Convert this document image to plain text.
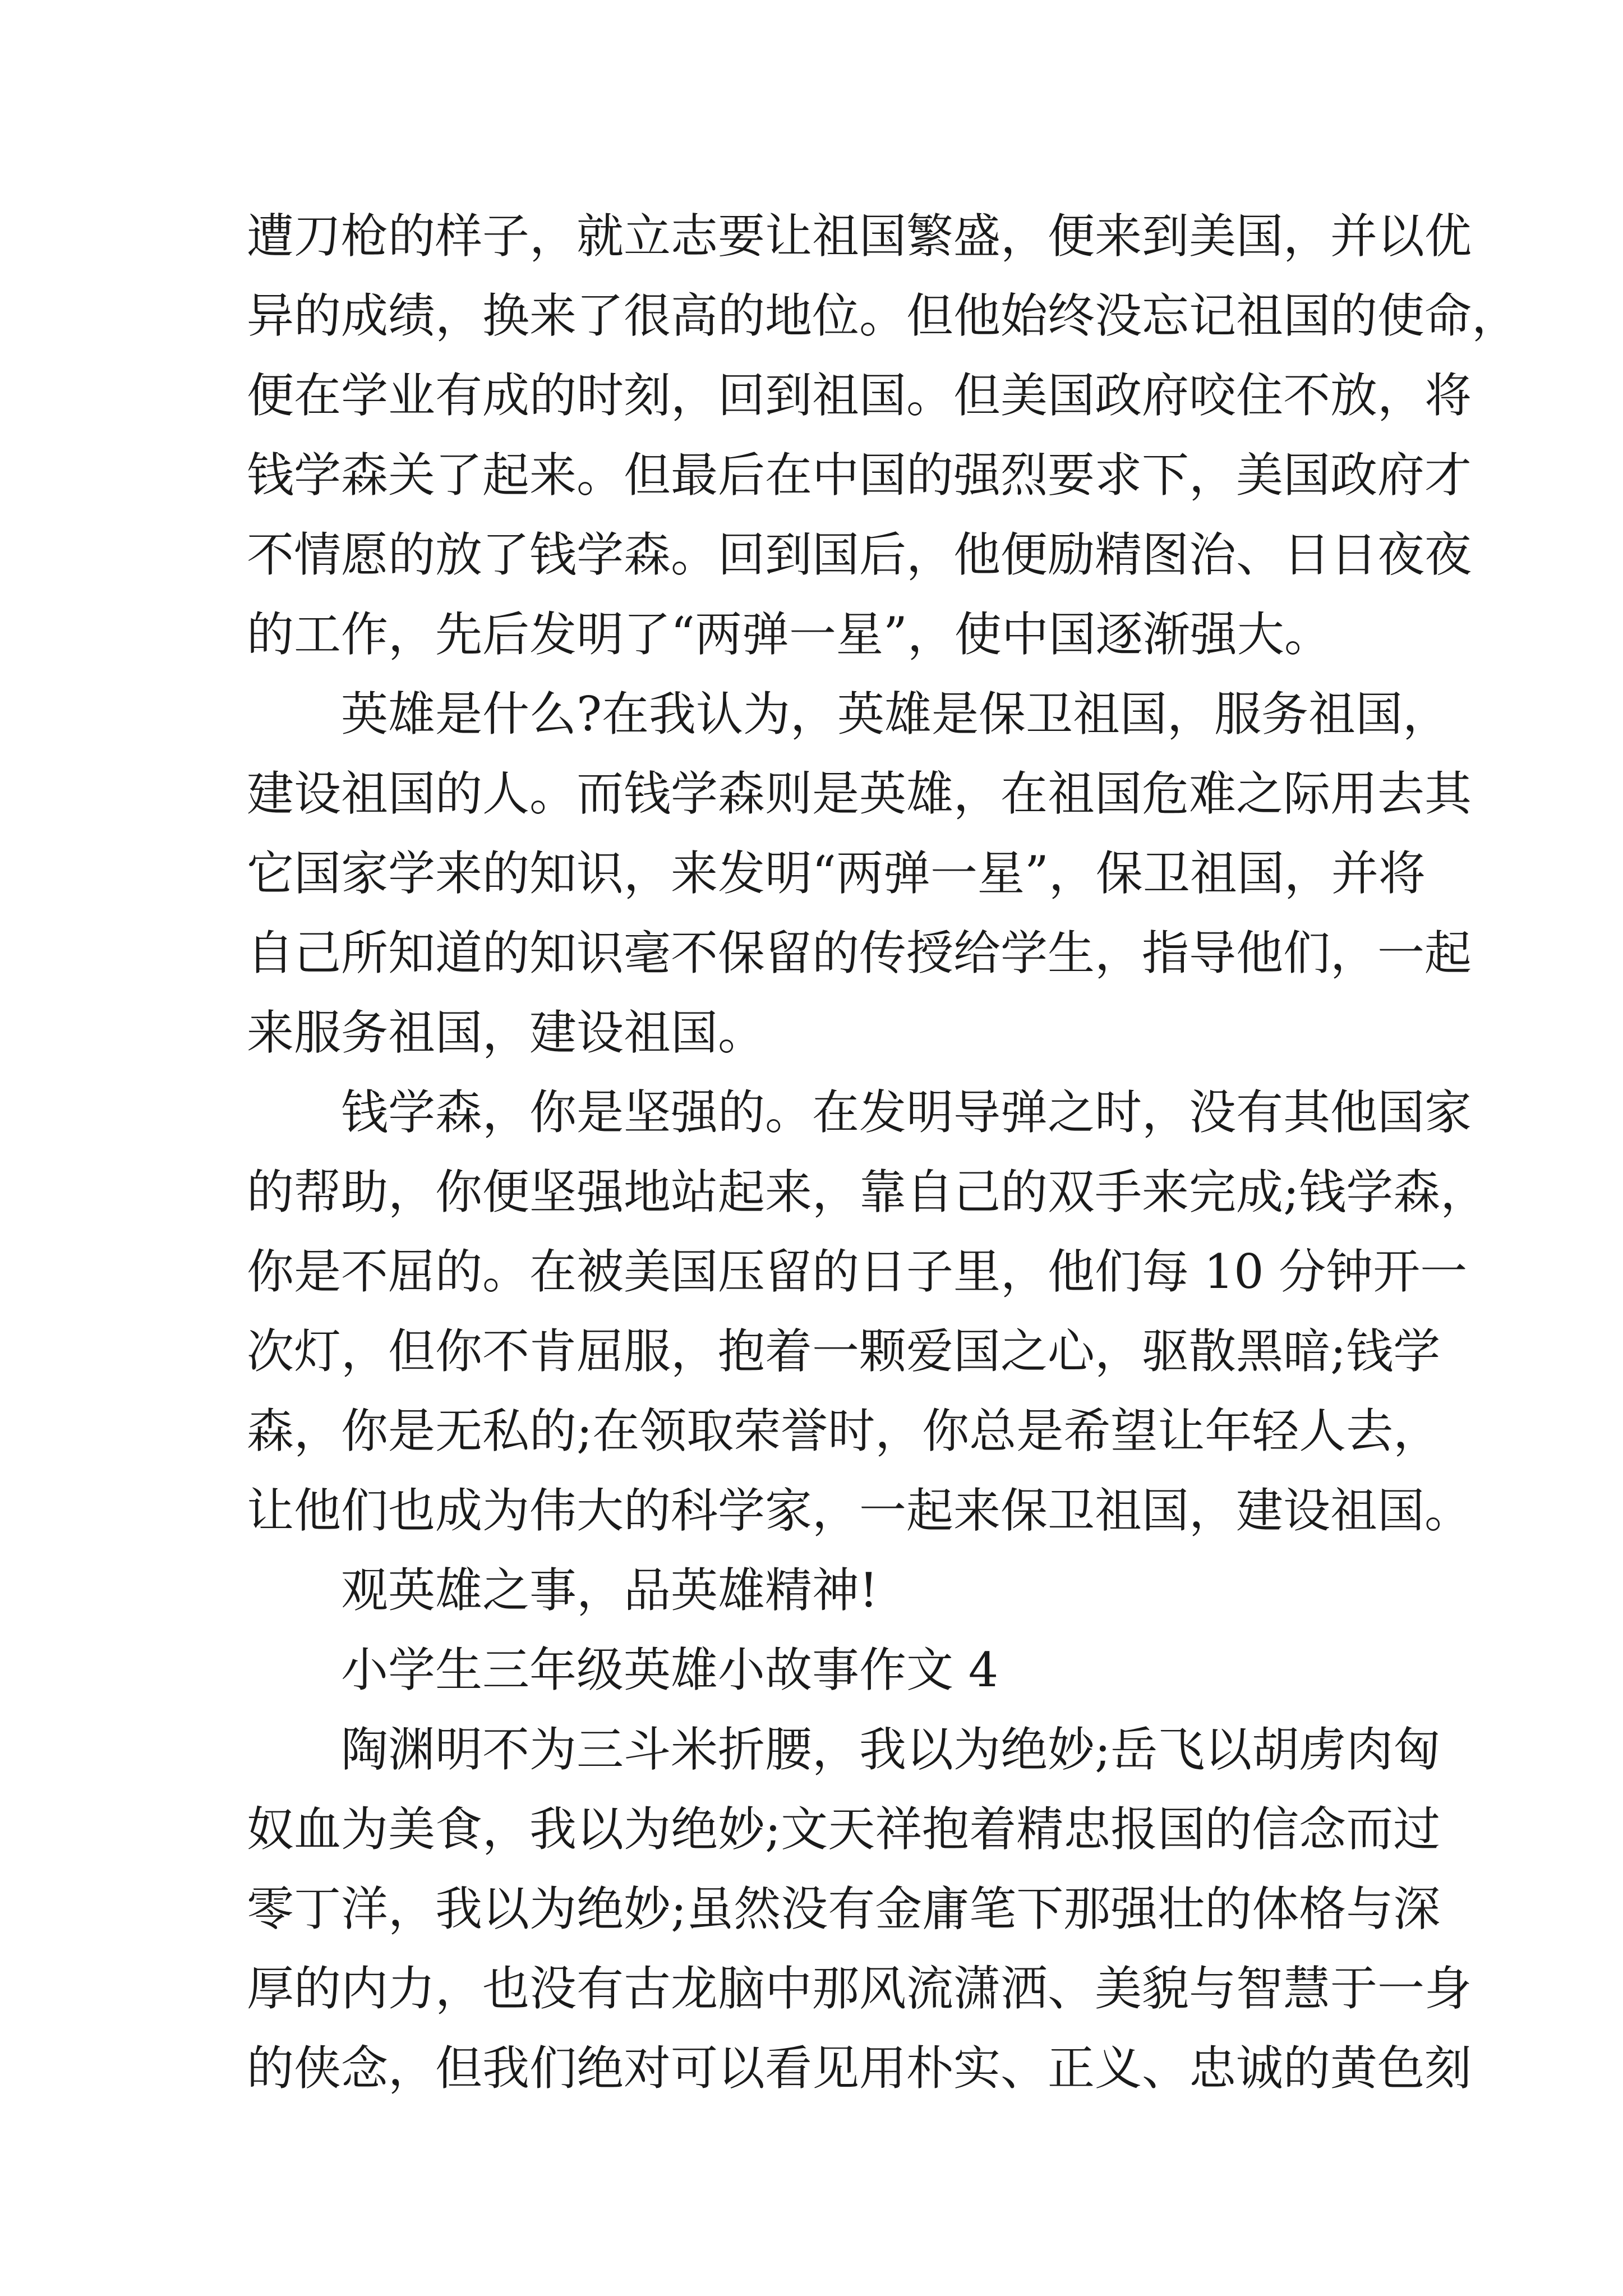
遭刀枪的样子，就立志要让祖国繁盛，便来到美国，并以优
异的成绩，换来了很高的地位。但他始终没忘记祖国的使命，
便在学业有成的时刻，回到祖国。但美国政府咬住不放，将
钱学森关了起来。但最后在中国的强烈要求下，美国政府才
不情愿的放了钱学森。回到国后，他便励精图治、日日夜夜
的工作，先后发明了“两弹一星”，使中国逐渐强大。
英雄是什么?在我认为，英雄是保卫祖国，服务祖国，
建设祖国的人。而钱学森则是英雄，在祖国危难之际用去其
它国家学来的知识，来发明“两弹一星”，保卫祖国，并将
自己所知道的知识毫不保留的传授给学生，指导他们，一起
来服务祖国，建设祖国。
钱学森，你是坚强的。在发明导弹之时，没有其他国家
的帮助，你便坚强地站起来，靠自己的双手来完成;钱学森，
你是不屈的。在被美国压留的日子里，他们每 10 分钟开一
次灯，但你不肯屈服，抱着一颗爱国之心，驱散黑暗;钱学
森，你是无私的;在领取荣誉时，你总是希望让年轻人去，
让他们也成为伟大的科学家，一起来保卫祖国，建设祖国。
观英雄之事，品英雄精神!
小学生三年级英雄小故事作文 4
陶渊明不为三斗米折腰，我以为绝妙;岳飞以胡虏肉匈
奴血为美食，我以为绝妙;文天祥抱着精忠报国的信念而过
零丁洋，我以为绝妙;虽然没有金庸笔下那强壮的体格与深
厚的内力，也没有古龙脑中那风流潇洒、美貌与智慧于一身
的侠念，但我们绝对可以看见用朴实、正义、忠诚的黄色刻
